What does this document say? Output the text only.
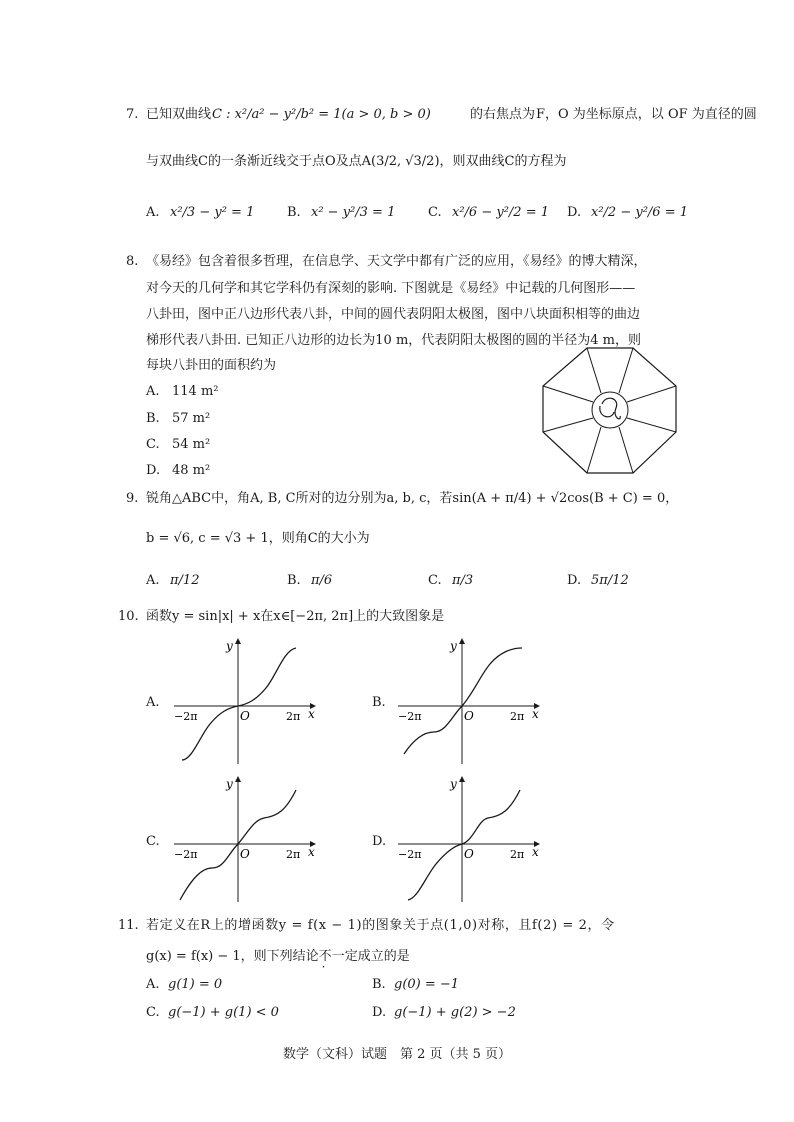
7. 已知双曲线 C : x²/a² − y²/b² = 1(a > 0, b > 0)	的右焦点为 F，O 为坐标原点，以 OF 为直径的圆
与双曲线C的一条渐近线交于点O及点A(3/2, √3/2)，则双曲线C的方程为
A. x²/3 − y² = 1	B. x² − y²/3 = 1	C. x²/6 − y²/2 = 1 D. x²/2 − y²/6 = 1
8. 《易经》包含着很多哲理，在信息学、天文学中都有广泛的应用，《易经》的博大精深，
对今天的几何学和其它学科仍有深刻的影响. 下图就是《易经》中记载的几何图形——
八卦田，图中正八边形代表八卦，中间的圆代表阴阳太极图，图中八块面积相等的曲边
梯形代表八卦田. 已知正八边形的边长为10 m，代表阴阳太极图的圆的半径为4 m，则
每块八卦田的面积约为
A. 114 m²
B. 57 m²
C. 54 m²
D. 48 m²
9. 锐角△ABC中，角A, B, C所对的边分别为a, b, c，若sin(A + π/4) + √2cos(B + C) = 0，
b = √6, c = √3 + 1，则角C的大小为
A. π/12	B. π/6	C. π/3	D. 5π/12
10. 函数y = sin|x| + x在x∈[−2π, 2π]上的大致图象是
A.	B.
C.	D.
y
x
O
−2π	2π
y
x
O
−2π	2π
y
x
O
−2π	2π
y
x
O
−2π	2π
11. 若定义在R上的增函数y = f(x − 1)的图象关于点(1,0)对称，且f(2) = 2，令
g(x) = f(x) − 1，则下列结论不一定成立的是
A. g(1) = 0	B. g(0) = −1
C. g(−1) + g(1) < 0	D. g(−1) + g(2) > −2
数学（文科）试题　第 2 页（共 5 页）
